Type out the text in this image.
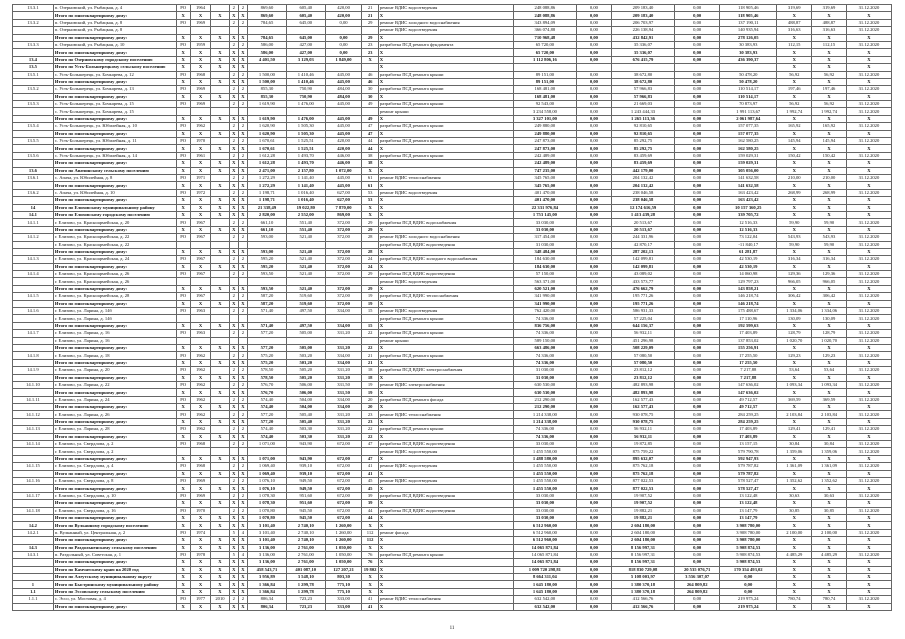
13.3.1	п. Озерновский, ул. Рыбацкая, д. 4	РО	1964		2	2	869,60	605,40	420,00	21	ремонт ВДИС водоотведения	248 088,86	0,00	209 183,40	0,00	118 905,46	319,69	319,69	31.12.2020
	Итого по многоквартирному дому:	X	X	X	X	X	869,60	605,40	420,00	21	X	248 088,86	0,00	209 183,40	0,00	118 905,46	X	X	X
13.3.2	п. Озерновский, ул. Рыбацкая, д. 8	РО	1969		2	2	784,65	645,00	0,00	29	ремонт ВДИС холодного водоснабжения	343 894,09	0,00	206 703,97	0,00	137 190,11	488,87	488,87	31.12.2020
	п. Озерновский, ул. Рыбацкая, д. 8										ремонт ВДИС водоотведения	366 074,88	0,00	226 138,94	0,00	140 935,94	316,63	316,63	31.12.2020
	Итого по многоквартирному дому:	X	X	X	X	X	784,65	645,00	0,00	29	X	710 968,48	0,00	432 842,91	0,00	278 126,05	X	X	X
13.3.3	п. Озерновский, ул. Рыбацкая, д. 10	РО	1959		2	2	586,00	427,00	0,00	23	разработка ПСД ремонта фундамента	65 720,00	0,00	35 336,07	0,00	30 383,93	112,15	112,15	31.12.2020
	Итого по многоквартирному дому:	X	X	X	X	X	586,00	427,00	0,00	23	X	65 720,00	0,00	35 336,07	0,00	30 383,93	X	X	X
13.4	Итого по Озерновскому городскому поселению	X	X	X	X	X	4 401,50	3 129,03	1 849,00	X	X	1 112 806,16	0,00	676 415,79	0,00	436 390,37	X	X	X
13.5	Итого по Усть-Большерецкому сельскому поселению	X	X	X	X	X					X						X	X	X
13.5.1	с. Усть-Большерецк, ул. Бочкарева, д. 12	РО	1968		2	2	1 500,00	1 410,46	445,00	46	разработка ПСД ремонта крыши	89 151,00	0,00	38 672,80	0,00	50 478,20	56,92	56,92	31.12.2020
	Итого по многоквартирному дому:	X	X	X	X	X	1 500,00	1 410,46	445,00	46	X	89 151,00	0,00	38 672,80	0,00	50 478,20	X	X	X
13.5.2	с. Усть-Большерецк, ул. Бочкарева, д. 13	РО	1969		2	2	855,30	750,90	484,00	30	разработка ПСД ремонта крыши	168 481,00	0,00	57 966,83	0,00	110 514,17	197,46	197,46	31.12.2020
	Итого по многоквартирному дому:	X	X	X	X	X	855,30	750,90	484,00	30	X	168 481,00	0,00	57 966,83	0,00	110 514,17	X	X	X
13.5.3	с. Усть-Большерецк, ул. Бочкарева, д. 15	РО	1969		2	2	1 619,90	1 476,00	445,00	49	разработка ПСД ремонта крыши	92 543,00	0,00	21 669,03	0,00	70 873,97	56,92	56,92	31.12.2020
	с. Усть-Большерецк, ул. Бочкарева, д. 15										ремонт крыши	3 234 558,00	0,00	1 243 444,33	0,00	1 991 113,67	1 992,74	1 992,74	31.12.2020
	Итого по многоквартирному дому:	X	X	X	X	X	1 619,90	1 476,00	445,00	49	X	3 327 101,00	0,00	1 265 113,36	0,00	2 061 987,64	X	X	X
13.5.4	с. Усть-Большерецк, ул. Юбилейная, д. 10	РО	1962		2	2	1 620,90	1 505,30	445,00	47	разработка ПСД ремонта крыши	249 880,00	0,00	92 810,65	0,00	157 077,35	165,92	165,92	31.12.2020
	Итого по многоквартирному дому:	X	X	X	X	X	1 620,90	1 505,30	445,00	47	X	249 880,00	0,00	92 810,65	0,00	157 077,35	X	X	X
13.5.5	с. Усть-Большерецк, ул. Юбилейная, д. 11	РО	1970		2	2	1 670,61	1 525,51	420,00	44	разработка ПСД ремонта крыши	247 873,00	0,00	85 292,75	0,00	162 580,25	145,94	145,94	31.12.2020
	Итого по многоквартирному дому:	X	X	X	X	X	1 670,61	1 525,51	420,00	44	X	247 873,00	0,00	85 292,75	0,00	162 580,25	X	X	X
13.5.6	с. Усть-Большерецк, ул. Юбилейная, д. 14	РО	1961		2	2	1 612,28	1 493,70	446,00	38	разработка ПСД ремонта крыши	242 489,00	0,00	83 459,69	0,00	159 029,31	150,42	150,42	31.12.2020
	Итого по многоквартирному дому:	X	X	X	X	X	1 612,28	1 493,70	446,00	38	X	242 489,00	0,00	83 459,69	0,00	159 029,31	X	X	X
13.6	Итого по Апачинскому сельскому поселению	X	X	X	X	X	2 471,00	2 157,80	1 072,00	X	X	747 235,00	0,00	442 179,00	0,00	305 056,00	X	X	X
13.6.1	с. Апача, ул. Юбилейная, д. 8	РО	1971		2	2	1 272,29	1 141,40	445,00	61	ремонт ВДИС теплоснабжения	345 765,00	0,00	204 132,42	0,00	141 632,58	210,00	210,00	31.12.2020
	Итого по многоквартирному дому:	X	X	X	X	X	1 272,29	1 141,40	445,00	61	X	345 765,00	0,00	204 132,42	0,00	141 632,58	X	X	X
13.6.2	с. Апача, ул. Юбилейная, д. 10	РО	1972		2	2	1 198,71	1 016,40	627,00	53	ремонт ВДИС водоотведения	401 470,00	0,00	238 046,58	0,00	163 423,42	268,99	268,99	31.12.2020
	Итого по многоквартирному дому:	X	X	X	X	X	1 198,71	1 016,40	627,00	53	X	401 470,00	0,00	238 046,58	0,00	163 423,42	X	X	X
14	Итого по Елизовскому муниципальному району	X	X	X	X	X	21 338,49	19 022,80	7 870,00	X	X	22 331 976,84	0,00	12 174 616,59	0,00	10 157 360,25	X	X	X
14.1	Итого по Елизовскому городскому поселению	X	X	X	X	X	2 820,00	2 552,00	869,00	X	X	1 753 145,00	0,00	1 413 439,28	0,00	339 705,72	X	X	X
14.1.1	г. Елизово, ул. Красноармейская, д. 20	РО	1967		2	2	661,10	551,40	372,00	29	разработка ПСД ВДИС водоснабжения	33 030,00	0,00	20 513,67	0,00	12 516,33	59,90	59,90	31.12.2020
	Итого по многоквартирному дому:	X	X	X	X	X	661,10	551,40	372,00	29	X	33 030,00	0,00	20 513,67	0,00	12 516,33	X	X	X
14.1.2	г. Елизово, ул. Красноармейская, д. 22	РО	1967		2	2	593,00	521,40	372,00	28	ремонт ВДИС холодного водоснабжения	317 454,00	0,00	244 331,96	0,00	73 122,04	543,93	543,93	31.12.2020
	г. Елизово, ул. Красноармейская, д. 22										разработка ПСД ВДИС водоотведения	31 030,00	0,00	42 870,17	0,00	-11 840,17	59,90	59,90	31.12.2020
	Итого по многоквартирному дому:	X	X	X	X	X	593,00	521,40	372,00	28	X	348 484,00	0,00	287 202,13	0,00	61 281,87	X	X	X
14.1.3	г. Елизово, ул. Красноармейская, д. 24	РО	1967		2	2	595,20	521,40	372,00	24	разработка ПСД ВДИС холодного водоснабжения	184 630,00	0,00	142 099,81	0,00	42 530,19	316,34	316,34	31.12.2020
	Итого по многоквартирному дому:	X	X	X	X	X	595,20	521,40	372,00	24	X	184 630,00	0,00	142 099,81	0,00	42 530,19	X	X	X
14.1.4	г. Елизово, ул. Красноармейская, д. 26	РО	1967		2	2	593,50	521,40	372,00	29	разработка ПСД ВДИС водоотведения	57 150,00	0,00	43 089,02	0,00	14 060,98	129,36	129,36	31.12.2020
	г. Елизово, ул. Красноармейская, д. 26										ремонт ВДИС водоотведения	563 371,00	0,00	433 573,77	0,00	129 797,23	966,05	966,05	31.12.2020
	Итого по многоквартирному дому:	X	X	X	X	X	593,50	521,40	372,00	29	X	620 521,00	0,00	476 662,79	0,00	143 858,21	X	X	X
14.1.5	г. Елизово, ул. Красноармейская, д. 28	РО	1967		2	2	587,20	519,60	372,00	19	разработка ПСД ВДИС теплоснабжения	341 990,00	0,00	195 771,26	0,00	146 218,74	306,42	306,42	31.12.2020
	Итого по многоквартирному дому:	X	X	X	X	X	587,20	519,60	372,00	19	X	341 990,00	0,00	195 771,26	0,00	146 218,74	X	X	X
14.1.6	г. Елизово, ул. Ларина, д. 14б	РО	1963		2	2	571,40	497,50	334,00	15	ремонт ВДИС водоотведения	762 420,00	0,00	586 931,33	0,00	175 488,67	1 334,06	1 334,06	31.12.2020
	г. Елизово, ул. Ларина, д. 14б										разработка ПСД ремонта крыши	74 336,00	0,00	57 225,04	0,00	17 110,96	130,09	130,09	31.12.2020
	Итого по многоквартирному дому:	X	X	X	X	X	571,40	497,50	334,00	15	X	836 756,00	0,00	644 156,37	0,00	192 599,63	X	X	X
14.1.7	г. Елизово, ул. Ларина, д. 16	РО	1963		2	2	577,20	505,00	331,20	22	разработка ПСД ремонта крыши	74 336,00	0,00	56 932,11	0,00	17 403,89	128,79	128,79	31.12.2020
	г. Елизово, ул. Ларина, д. 16										ремонт крыши	589 150,00	0,00	451 296,98	0,00	137 853,02	1 020,70	1 020,70	31.12.2020
	Итого по многоквартирному дому:	X	X	X	X	X	577,20	505,00	331,20	22	X	663 486,00	0,00	508 229,09	0,00	155 256,91	X	X	X
14.1.8	г. Елизово, ул. Ларина, д. 18	РО	1962		2	2	575,20	503,20	334,00	21	разработка ПСД ремонта крыши	74 336,00	0,00	57 080,50	0,00	17 255,50	129,23	129,23	31.12.2020
	Итого по многоквартирному дому:	X	X	X	X	X	575,20	503,20	334,00	21	X	74 336,00	0,00	57 080,50	0,00	17 255,50	X	X	X
14.1.9	г. Елизово, ул. Ларина, д. 20	РО	1962		2	2	578,50	505,20	331,20	18	разработка ПСД ВДИС электроснабжения	31 030,00	0,00	23 812,12	0,00	7 217,88	53,64	53,64	31.12.2020
	Итого по многоквартирному дому:	X	X	X	X	X	578,50	505,20	331,20	18	X	31 030,00	0,00	23 812,12	0,00	7 217,88	X	X	X
14.1.10	г. Елизово, ул. Ларина, д. 22	РО	1962		2	2	576,70	506,00	331,50	19	ремонт ВДИС электроснабжения	630 530,00	0,00	482 893,98	0,00	147 636,02	1 093,34	1 093,34	31.12.2020
	Итого по многоквартирному дому:	X	X	X	X	X	576,70	506,00	331,50	19	X	630 530,00	0,00	482 893,98	0,00	147 636,02	X	X	X
14.1.11	г. Елизово, ул. Ларина, д. 24	РО	1962		2	2	574,40	504,00	334,00	20	разработка ПСД ремонта фасада	212 290,00	0,00	162 577,43	0,00	49 712,57	369,59	369,59	31.12.2020
	Итого по многоквартирному дому:	X	X	X	X	X	574,40	504,00	334,00	20	X	212 290,00	0,00	162 577,43	0,00	49 712,57	X	X	X
14.1.12	г. Елизово, ул. Ларина, д. 26	РО	1962		2	2	577,20	505,40	331,20	23	ремонт ВДИС теплоснабжения	1 214 338,00	0,00	930 078,75	0,00	284 259,25	2 103,84	2 103,84	31.12.2020
	Итого по многоквартирному дому:	X	X	X	X	X	577,20	505,40	331,20	23	X	1 214 338,00	0,00	930 078,75	0,00	284 259,25	X	X	X
14.1.13	г. Елизово, ул. Ларина, д. 28	РО	1962		2	2	574,40	503,30	331,20	22	разработка ПСД ремонта крыши	74 336,00	0,00	56 932,11	0,00	17 403,89	129,41	129,41	31.12.2020
	Итого по многоквартирному дому:	X	X	X	X	X	574,40	503,30	331,20	22	X	74 336,00	0,00	56 932,11	0,00	17 403,89	X	X	X
14.1.14	г. Елизово, ул. Свердлова, д. 2	РО	1968		2	2	1 071,00	943,90	672,00	47	разработка ПСД ВДИС водоотведения	33 030,00	0,00	19 872,85	0,00	13 157,15	30,84	30,84	31.12.2020
	г. Елизово, ул. Свердлова, д. 2										ремонт ВДИС водоотведения	1 455 550,00	0,00	875 759,22	0,00	579 790,78	1 359,06	1 359,06	31.12.2020
	Итого по многоквартирному дому:	X	X	X	X	X	1 071,00	943,90	672,00	47	X	1 488 580,00	0,00	895 632,07	0,00	592 947,93	X	X	X
14.1.15	г. Елизово, ул. Свердлова, д. 4	РО	1968		2	2	1 069,40	939,10	672,00	41	ремонт ВДИС водоотведения	1 455 550,00	0,00	875 762,18	0,00	579 787,82	1 361,09	1 361,09	31.12.2020
	Итого по многоквартирному дому:	X	X	X	X	X	1 069,40	939,10	672,00	41	X	1 455 550,00	0,00	875 762,18	0,00	579 787,82	X	X	X
14.1.16	г. Елизово, ул. Свердлова, д. 8	РО	1969		2	2	1 076,10	949,50	672,00	45	ремонт ВДИС водоотведения	1 455 550,00	0,00	877 022,53	0,00	578 527,47	1 352,62	1 352,62	31.12.2020
	Итого по многоквартирному дому:	X	X	X	X	X	1 076,10	949,50	672,00	45	X	1 455 550,00	0,00	877 022,53	0,00	578 527,47	X	X	X
14.1.17	г. Елизово, ул. Свердлова, д. 10	РО	1969		2	2	1 078,30	951,60	672,00	39	разработка ПСД ВДИС водоотведения	33 030,00	0,00	19 907,52	0,00	13 122,48	30,63	30,63	31.12.2020
	Итого по многоквартирному дому:	X	X	X	X	X	1 078,30	951,60	672,00	39	X	33 030,00	0,00	19 907,52	0,00	13 122,48	X	X	X
14.1.18	г. Елизово, ул. Свердлова, д. 16	РО	1970		2	2	1 070,80	945,50	672,00	44	разработка ПСД ВДИС водоотведения	33 030,00	0,00	19 882,21	0,00	13 147,79	30,85	30,85	31.12.2020
	Итого по многоквартирному дому:	X	X	X	X	X	1 070,80	945,50	672,00	44	X	33 030,00	0,00	19 882,21	0,00	13 147,79	X	X	X
14.2	Итого по Вулканному городскому поселению	X	X	X	X	X	3 101,40	2 740,10	1 260,00	X	X	6 512 960,00	0,00	2 604 180,00	0,00	3 908 780,00	X	X	X
14.2.1	п. Вулканный, ул. Центральная, д. 2	РО	1974		5	4	3 101,40	2 740,10	1 260,00	112	ремонт фасада	6 512 960,00	0,00	2 604 180,00	0,00	3 908 780,00	2 100,00	2 100,00	31.12.2020
	Итого по многоквартирному дому:	X	X	X	X	X	3 101,40	2 740,10	1 260,00	112	X	6 512 960,00	0,00	2 604 180,00	0,00	3 908 780,00	X	X	X
14.3	Итого по Раздольненскому сельскому поселению	X	X	X	X	X	3 136,00	2 761,00	1 050,00	X	X	14 065 871,84	0,00	8 156 997,31	0,00	5 908 874,53	X	X	X
14.3.1	п. Раздольный, ул. Советская, д. 1	РО	1978		5	4	3 136,00	2 761,00	1 050,00	76	разработка ПСД ремонта крыши	14 065 871,84	0,00	8 156 997,31	0,00	5 908 874,53	4 485,29	4 485,29	31.12.2020
	Итого по многоквартирному дому:	X	X	X	X	X	3 136,00	2 761,00	1 050,00	76	X	14 065 871,84	0,00	8 156 997,31	0,00	5 908 874,53	X	X	X
	Итого по Камчатскому краю на 2020 год	X	X	X	X	X	458 543,71	401 087,10	127 207,21	19 802	X	1 009 720 298,81	0,00	818 830 729,08	20 535 076,71	170 354 493,02	X	X	X
	Итого по Алеутскому муниципальному округу	X	X	X	X	X	3 956,89	3 548,10	803,30	X	X	8 664 311,04	0,00	5 108 003,97	3 556 307,07	0,00	X	X	X
1	Итого по Быстринскому муниципальному району	X	X	X	X	X	1 366,84	1 299,78	775,10	X	X	1 645 180,00	0,00	1 380 370,18	264 809,82	0,00	X	X	X
1.1	Итого по Эссовскому сельскому поселению	X	X	X	X	X	1 366,84	1 299,78	775,10	X	X	1 645 180,00	0,00	1 380 370,18	264 809,82	0,00	X	X	X
1.1.1	с. Эссо, ул. Мостовая, д. 4	РО	1977	2010	2	2	806,34	723,23	333,00	41	ремонт ВДИС теплоснабжения	632 542,00	0,00	412 566,76	0,00	219 975,24	780,74	780,74	31.12.2020
	Итого по многоквартирному дому:	X	X	X	X	X	806,34	723,23	333,00	41	X	632 542,00	0,00	412 566,76	0,00	219 975,24	X	X	X
11
